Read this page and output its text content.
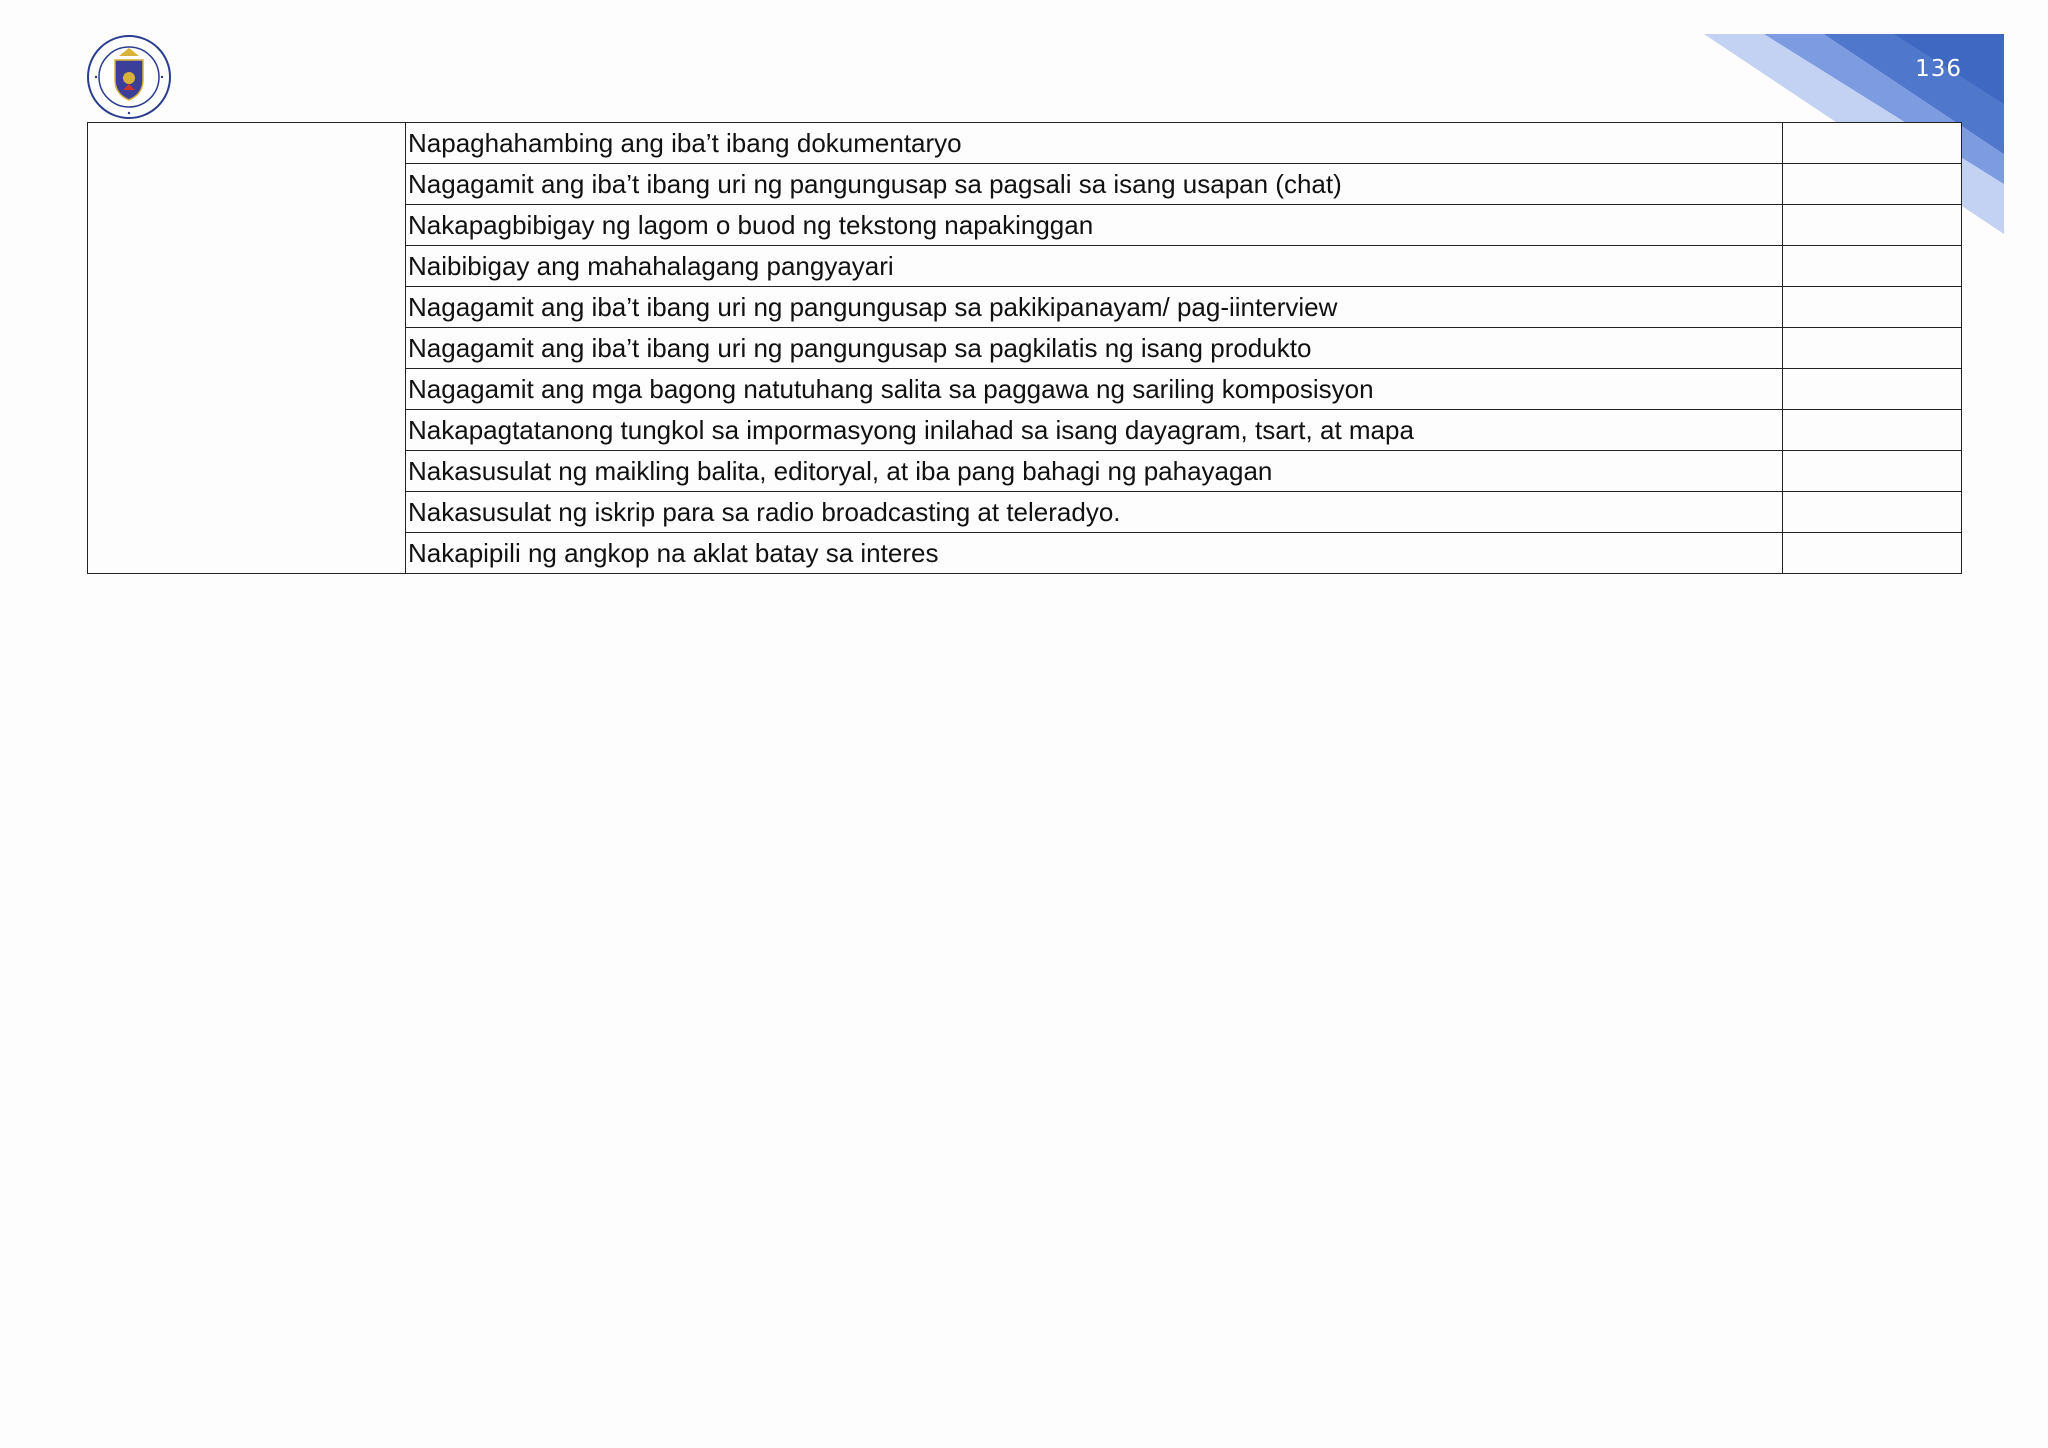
136
	Napaghahambing ang iba’t ibang dokumentaryo	
	Nagagamit ang iba’t ibang uri ng pangungusap sa pagsali sa isang usapan (chat)	
	Nakapagbibigay ng lagom o buod ng tekstong napakinggan	
	Naibibigay ang mahahalagang pangyayari	
	Nagagamit ang iba’t ibang uri ng pangungusap sa pakikipanayam/ pag-iinterview	
	Nagagamit ang iba’t ibang uri ng pangungusap sa pagkilatis ng isang produkto	
	Nagagamit ang mga bagong natutuhang salita sa paggawa ng sariling komposisyon	
	Nakapagtatanong tungkol sa impormasyong inilahad sa isang dayagram, tsart, at mapa	
	Nakasusulat ng maikling balita, editoryal, at iba pang bahagi ng pahayagan	
	Nakasusulat ng iskrip para sa radio broadcasting at teleradyo.	
	Nakapipili ng angkop na aklat batay sa interes	
